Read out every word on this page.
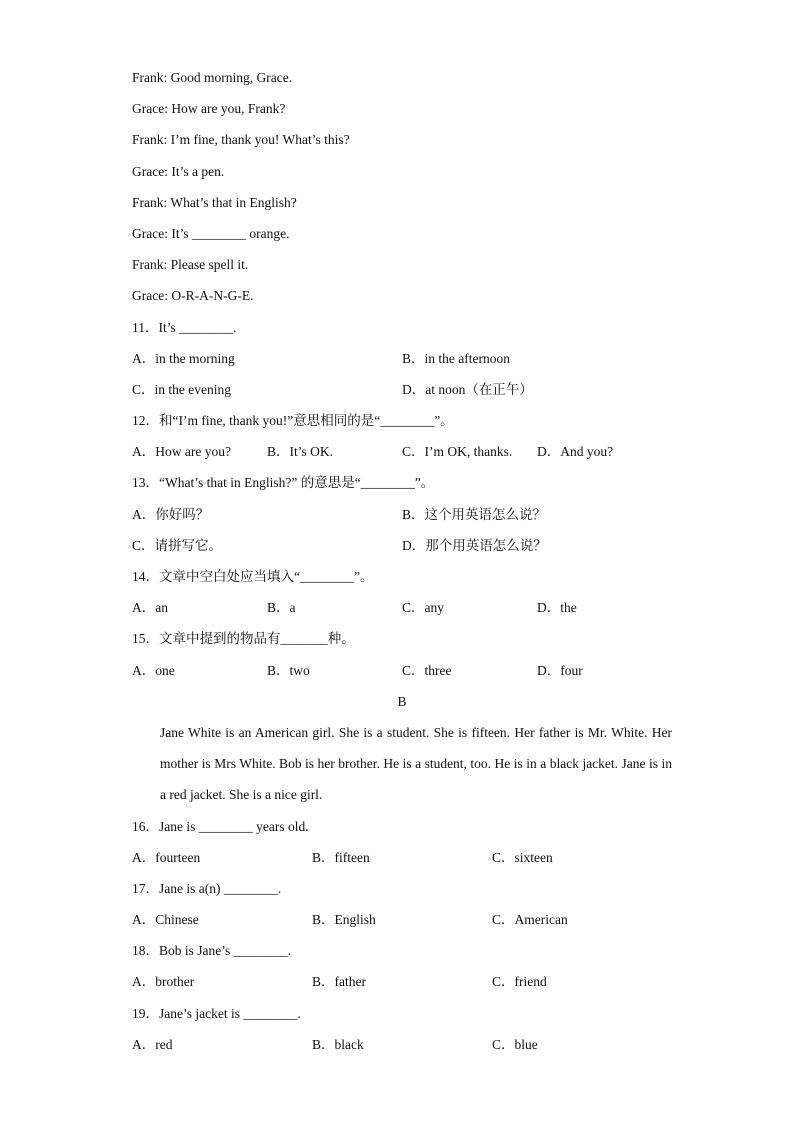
Frank: Good morning, Grace.
Grace: How are you, Frank?
Frank: I’m fine, thank you! What’s this?
Grace: It’s a pen.
Frank: What’s that in English?
Grace: It’s ________ orange.
Frank: Please spell it.
Grace: O-R-A-N-G-E.
11．It’s ________.
A．in the morning	B．in the afternoon
C．in the evening	D．at noon（在正午）
12．和“I’m fine, thank you!”意思相同的是“________”。
A．How are you?	B．It’s OK.	C．I’m OK, thanks.	D．And you?
13．“What’s that in English?” 的意思是“________”。
A．你好吗？	B．这个用英语怎么说？
C．请拼写它。	D．那个用英语怎么说？
14．文章中空白处应当填入“________”。
A．an	B．a	C．any	D．the
15．文章中提到的物品有_______种。
A．one	B．two	C．three	D．four
B
Jane White is an American girl. She is a student. She is fifteen. Her father is Mr. White. Her mother is Mrs White. Bob is her brother. He is a student, too. He is in a black jacket. Jane is in a red jacket. She is a nice girl.
16．Jane is ________ years old.
A．fourteen	B．fifteen	C．sixteen
17．Jane is a(n) ________.
A．Chinese	B．English	C．American
18．Bob is Jane’s ________.
A．brother	B．father	C．friend
19．Jane’s jacket is ________.
A．red	B．black	C．blue
